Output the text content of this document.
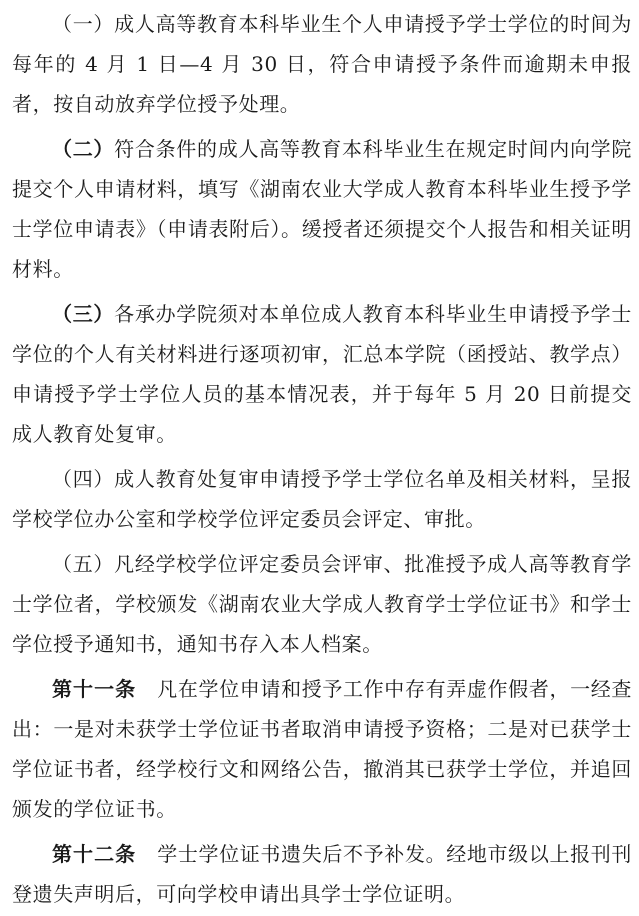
（一）成人高等教育本科毕业生个人申请授予学士学位的时间为每年的 4 月 1 日—4 月 30 日，符合申请授予条件而逾期未申报者，按自动放弃学位授予处理。

（二）符合条件的成人高等教育本科毕业生在规定时间内向学院提交个人申请材料，填写《湖南农业大学成人教育本科毕业生授予学士学位申请表》（申请表附后）。缓授者还须提交个人报告和相关证明材料。

（三）各承办学院须对本单位成人教育本科毕业生申请授予学士学位的个人有关材料进行逐项初审，汇总本学院（函授站、教学点）申请授予学士学位人员的基本情况表，并于每年 5 月 20 日前提交成人教育处复审。

（四）成人教育处复审申请授予学士学位名单及相关材料，呈报学校学位办公室和学校学位评定委员会评定、审批。

（五）凡经学校学位评定委员会评审、批准授予成人高等教育学士学位者，学校颁发《湖南农业大学成人教育学士学位证书》和学士学位授予通知书，通知书存入本人档案。

第十一条 凡在学位申请和授予工作中存有弄虚作假者，一经查出：一是对未获学士学位证书者取消申请授予资格；二是对已获学士学位证书者，经学校行文和网络公告，撤消其已获学士学位，并追回颁发的学位证书。

第十二条 学士学位证书遗失后不予补发。经地市级以上报刊刊登遗失声明后，可向学校申请出具学士学位证明。
